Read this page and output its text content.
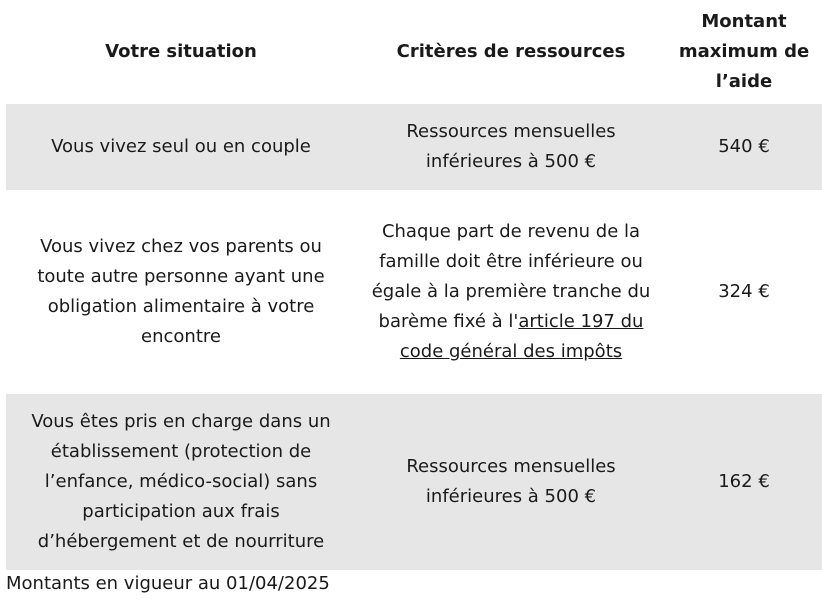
Votre situation	Critères de ressources	Montant maximum de l’aide
Vous vivez seul ou en couple	Ressources mensuelles inférieures à 500 €	540 €
Vous vivez chez vos parents ou toute autre personne ayant une obligation alimentaire à votre encontre	Chaque part de revenu de la famille doit être inférieure ou égale à la première tranche du barème fixé à l'article 197 du code général des impôts	324 €
Vous êtes pris en charge dans un établissement (protection de l’enfance, médico-social) sans participation aux frais d’hébergement et de nourriture	Ressources mensuelles inférieures à 500 €	162 €
Montants en vigueur au 01/04/2025
